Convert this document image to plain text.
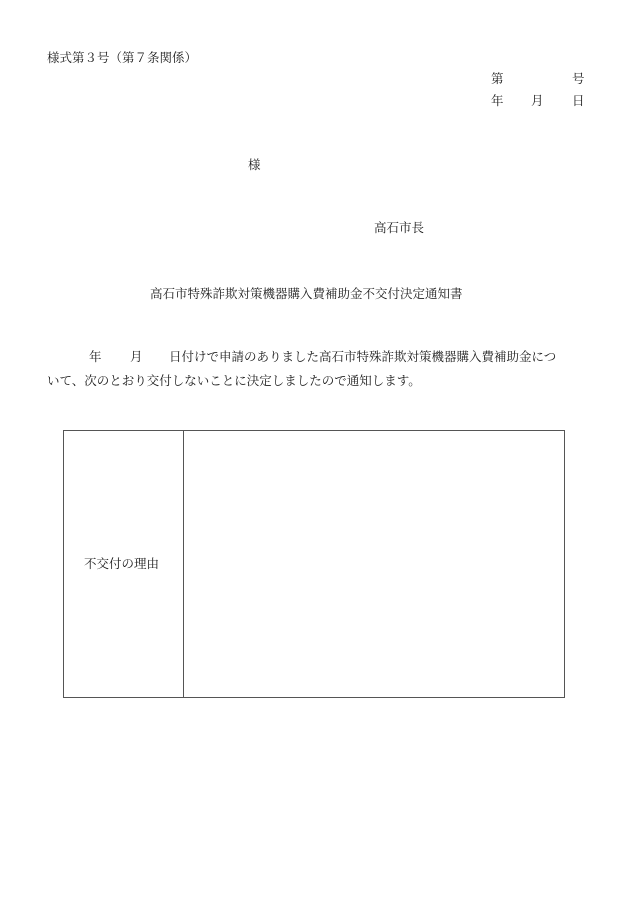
様式第３号（第７条関係）
第	号
年 月 日
様
高石市長
高石市特殊詐欺対策機器購入費補助金不交付決定通知書
年 月 日付けで申請のありました高石市特殊詐欺対策機器購入費補助金につ
いて、次のとおり交付しないことに決定しましたので通知します。
不交付の理由
